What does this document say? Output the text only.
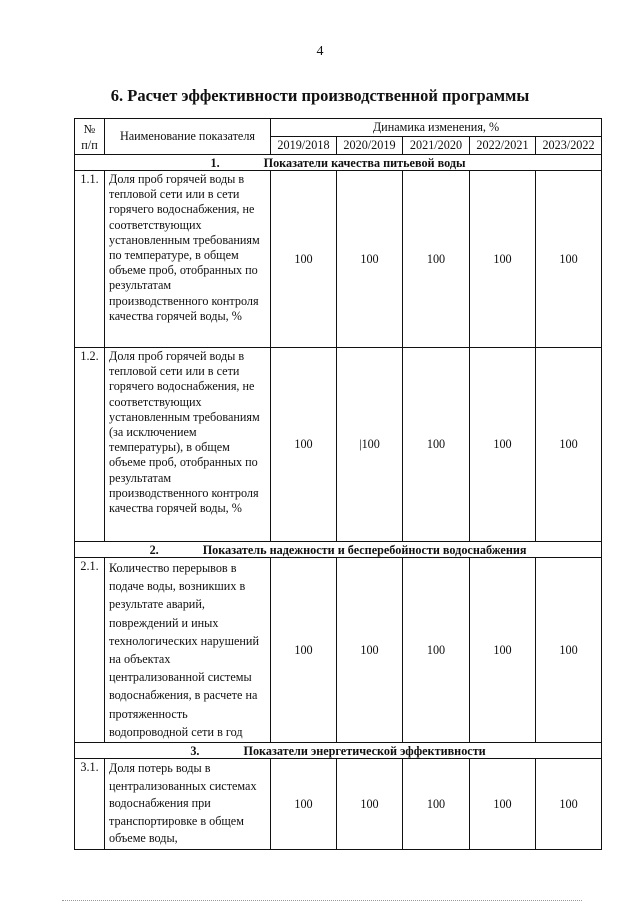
4
6. Расчет эффективности производственной программы
№
п/п	Наименование показателя	Динамика изменения, %				
		2019/2018	2020/2019	2021/2020	2022/2021	2023/2022
1. Показатели качества питьевой воды						
1.1.	Доля проб горячей воды в тепловой сети или в сети горячего водоснабжения, не соответствующих установленным требованиям по температуре, в общем объеме проб, отобранных по результатам производственного контроля качества горячей воды, %	100	100	100	100	100
1.2.	Доля проб горячей воды в тепловой сети или в сети горячего водоснабжения, не соответствующих установленным требованиям (за исключением температуры), в общем объеме проб, отобранных по результатам производственного контроля качества горячей воды, %	100	|100	100	100	100
2. Показатель надежности и бесперебойности водоснабжения						
2.1.	Количество перерывов в подаче воды, возникших в результате аварий, повреждений и иных технологических нарушений на объектах централизованной системы водоснабжения, в расчете на протяженность водопроводной сети в год	100	100	100	100	100
3. Показатели энергетической эффективности						
3.1.	Доля потерь воды в централизованных системах водоснабжения при транспортировке в общем объеме воды,	100	100	100	100	100
